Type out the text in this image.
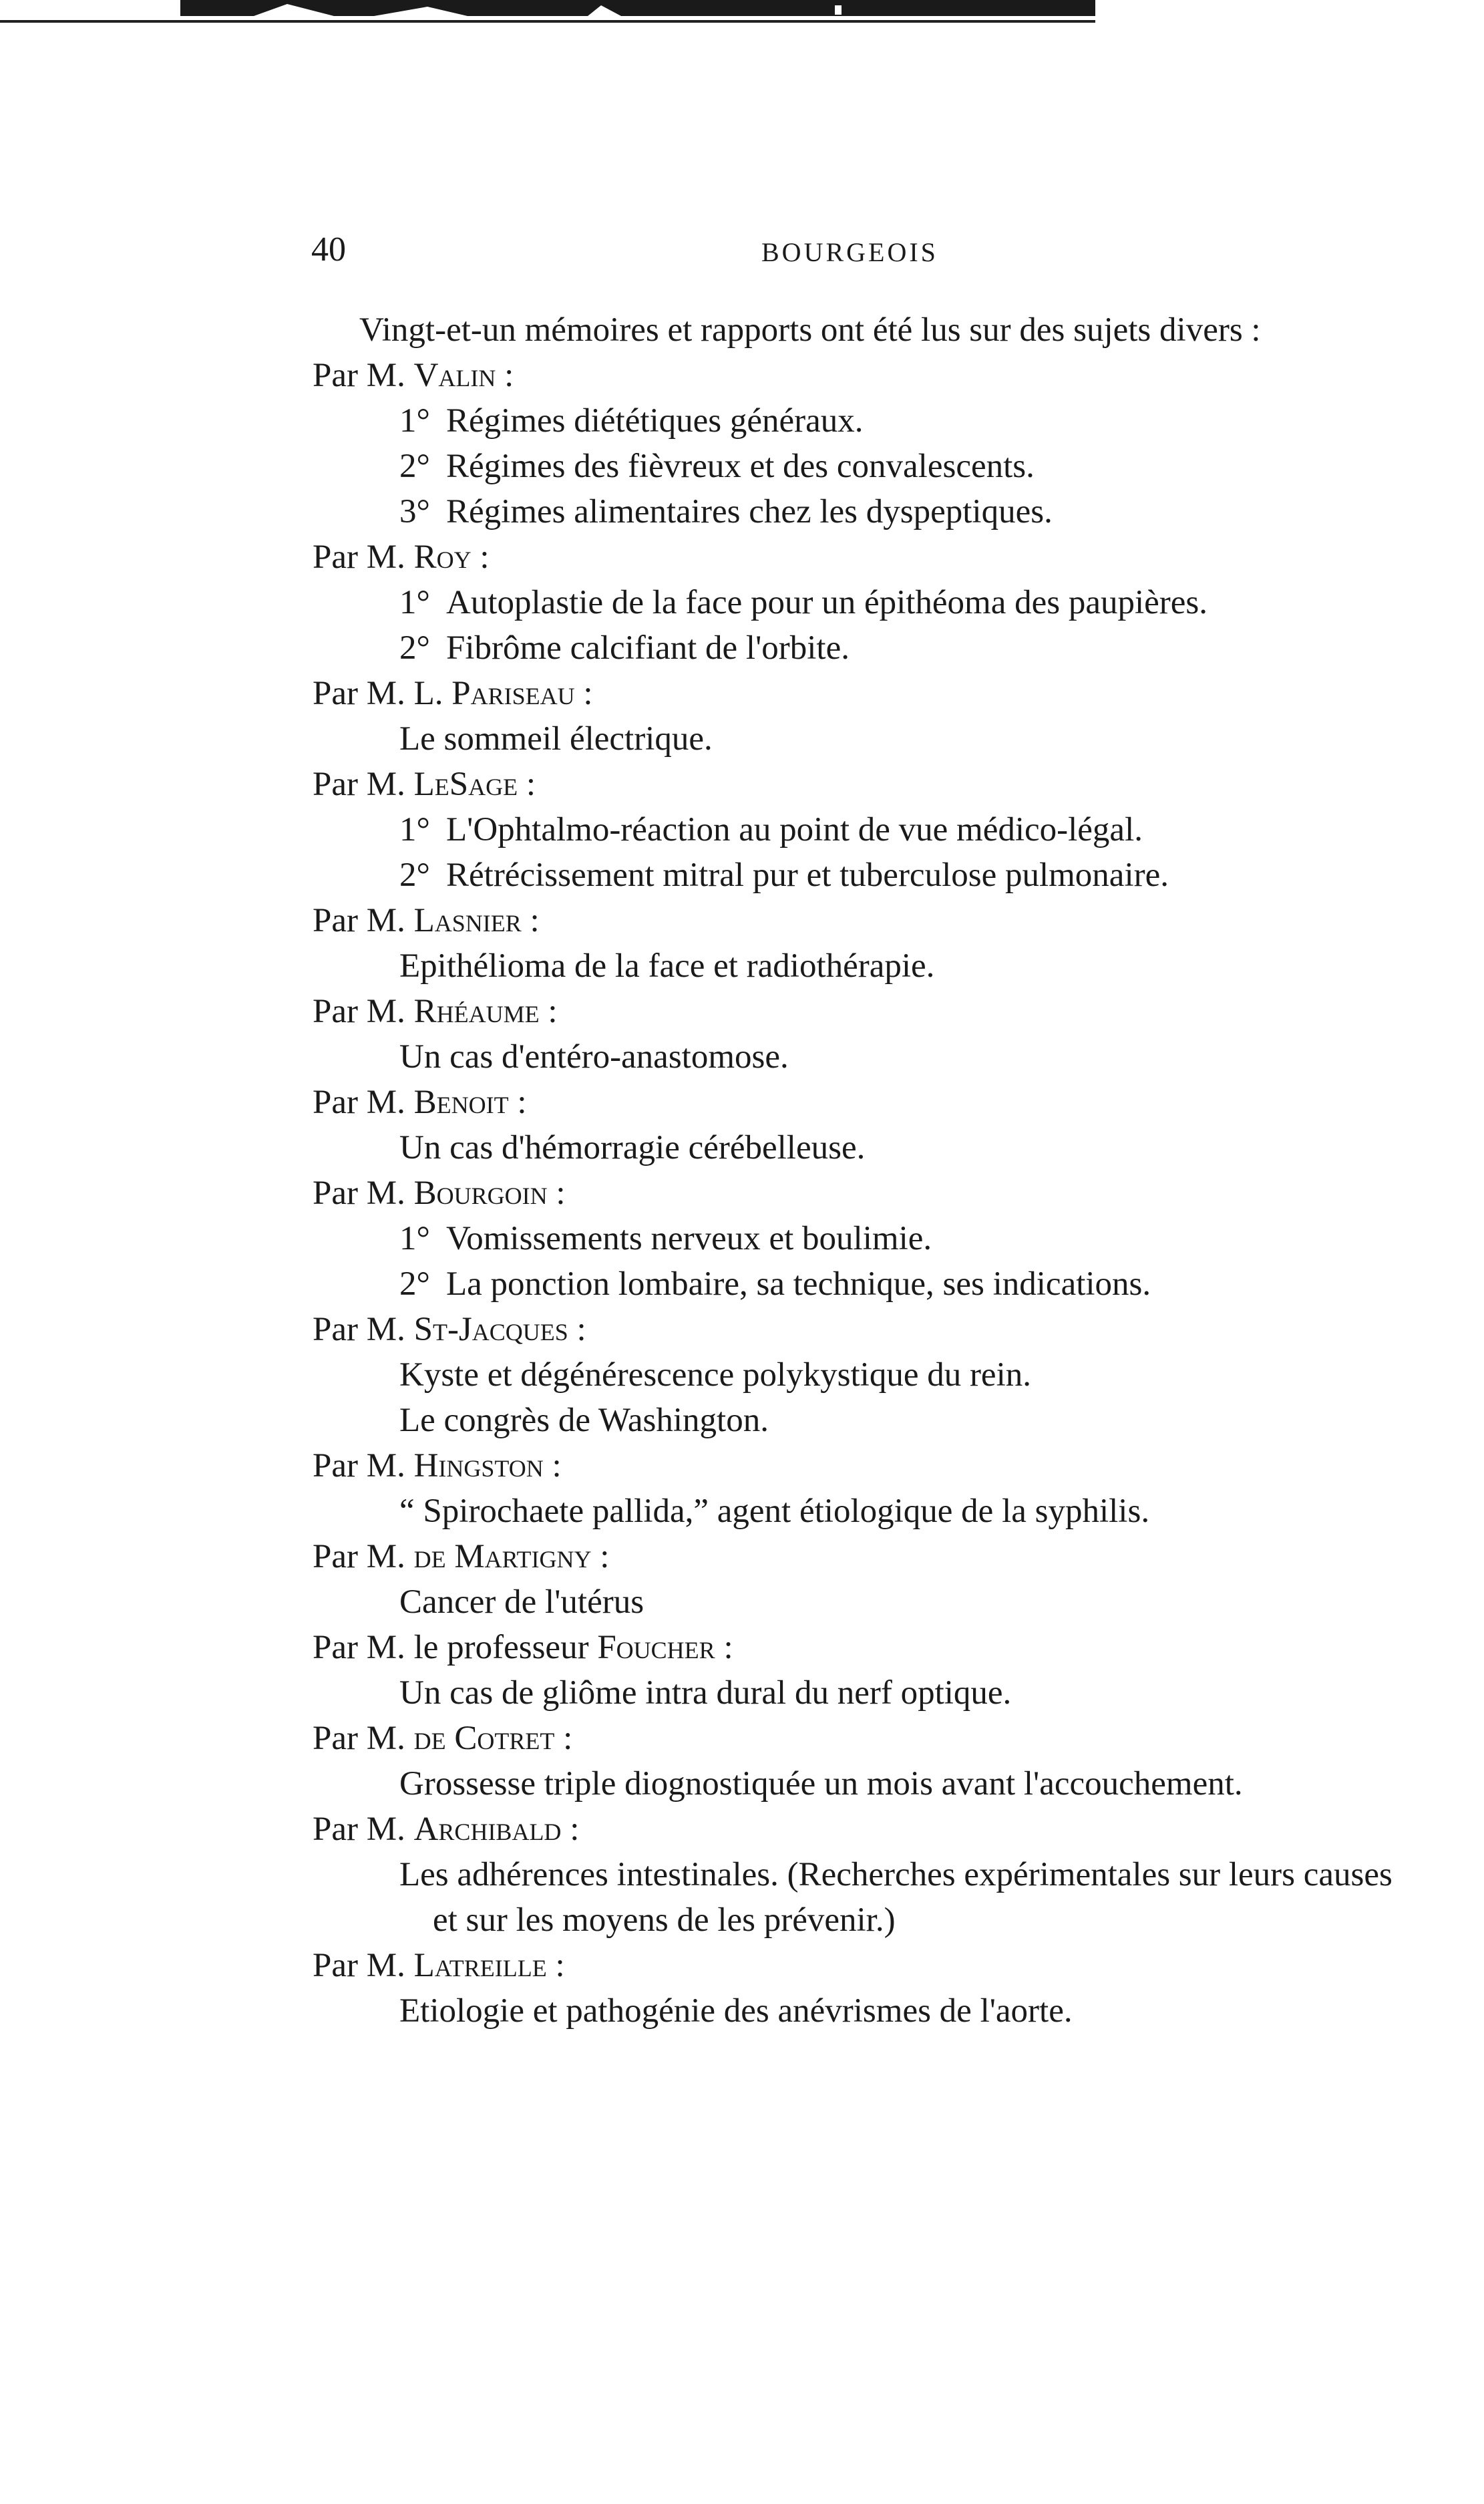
40	BOURGEOIS

Vingt-et-un mémoires et rapports ont été lus sur des sujets divers :

Par M. Valin :

1° Régimes diététiques généraux.

2° Régimes des fièvreux et des convalescents.

3° Régimes alimentaires chez les dyspeptiques.

Par M. Roy :

1° Autoplastie de la face pour un épithéoma des paupières.

2° Fibrôme calcifiant de l'orbite.

Par M. L. Pariseau :

Le sommeil électrique.

Par M. LeSage :

1° L'Ophtalmo-réaction au point de vue médico-légal.

2° Rétrécissement mitral pur et tuberculose pulmonaire.

Par M. Lasnier :

Epithélioma de la face et radiothérapie.

Par M. Rhéaume :

Un cas d'entéro-anastomose.

Par M. Benoit :

Un cas d'hémorragie cérébelleuse.

Par M. Bourgoin :

1° Vomissements nerveux et boulimie.

2° La ponction lombaire, sa technique, ses indications.

Par M. St-Jacques :

Kyste et dégénérescence polykystique du rein.

Le congrès de Washington.

Par M. Hingston :

“ Spirochaete pallida,” agent étiologique de la syphilis.

Par M. de Martigny :

Cancer de l'utérus

Par M. le professeur Foucher :

Un cas de gliôme intra dural du nerf optique.

Par M. de Cotret :

Grossesse triple diognostiquée un mois avant l'accouchement.

Par M. Archibald :

Les adhérences intestinales. (Recherches expérimentales sur leurs causes et sur les moyens de les prévenir.)

Par M. Latreille :

Etiologie et pathogénie des anévrismes de l'aorte.
